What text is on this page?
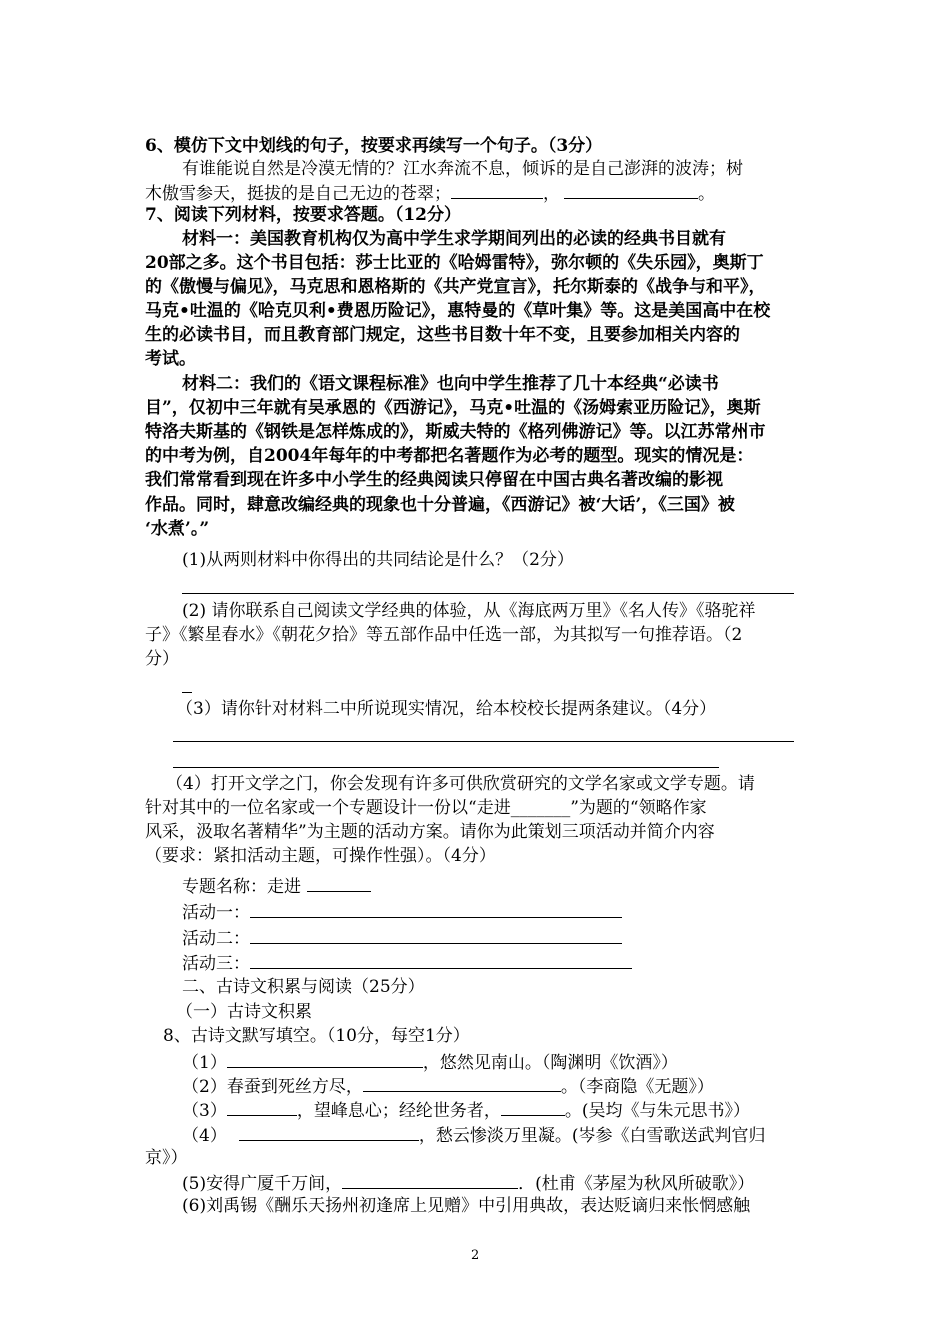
6、模仿下文中划线的句子，按要求再续写一个句子。（3分）
有谁能说自然是冷漠无情的？江水奔流不息，倾诉的是自己澎湃的波涛；树
木傲雪参天，挺拔的是自己无边的苍翠；	，	。
7、阅读下列材料，按要求答题。（12分）
材料一：美国教育机构仅为高中学生求学期间列出的必读的经典书目就有
20部之多。这个书目包括：莎士比亚的《哈姆雷特》，弥尔顿的《失乐园》，奥斯丁
的《傲慢与偏见》，马克思和恩格斯的《共产党宣言》，托尔斯泰的《战争与和平》，
马克•吐温的《哈克贝利•费恩历险记》，惠特曼的《草叶集》等。这是美国高中在校
生的必读书目，而且教育部门规定，这些书目数十年不变，且要参加相关内容的
考试。
材料二：我们的《语文课程标准》也向中学生推荐了几十本经典“必读书
目”，仅初中三年就有吴承恩的《西游记》，马克•吐温的《汤姆索亚历险记》，奥斯
特洛夫斯基的《钢铁是怎样炼成的》，斯威夫特的《格列佛游记》等。以江苏常州市
的中考为例，自2004年每年的中考都把名著题作为必考的题型。现实的情况是：
我们常常看到现在许多中小学生的经典阅读只停留在中国古典名著改编的影视
作品。同时，肆意改编经典的现象也十分普遍，《西游记》被‘大话’，《三国》被
‘水煮’。”
(1)从两则材料中你得出的共同结论是什么？（2分）
(2) 请你联系自己阅读文学经典的体验，从《海底两万里》《名人传》《骆驼祥
子》《繁星春水》《朝花夕拾》等五部作品中任选一部，为其拟写一句推荐语。（2
分）
（3）请你针对材料二中所说现实情况，给本校校长提两条建议。（4分）
（4）打开文学之门，你会发现有许多可供欣赏研究的文学名家或文学专题。请
针对其中的一位名家或一个专题设计一份以“走进_______”为题的“领略作家
风采，汲取名著精华”为主题的活动方案。请你为此策划三项活动并简介内容
（要求：紧扣活动主题，可操作性强）。（4分）
专题名称：走进
活动一：
活动二：
活动三：
二、古诗文积累与阅读（25分）
（一）古诗文积累
8、古诗文默写填空。（10分，每空1分）
（1）	，悠然见南山。（陶渊明《饮酒》）
（2）春蚕到死丝方尽，	。（李商隐《无题》）
（3）	，望峰息心；经纶世务者，	。(吴均《与朱元思书》）
（4）	，愁云惨淡万里凝。(岑参《白雪歌送武判官归
京》）
(5)安得广厦千万间，	．(杜甫《茅屋为秋风所破歌》）
(6)刘禹锡《酬乐天扬州初逢席上见赠》中引用典故，表达贬谪归来怅惘感触
2
